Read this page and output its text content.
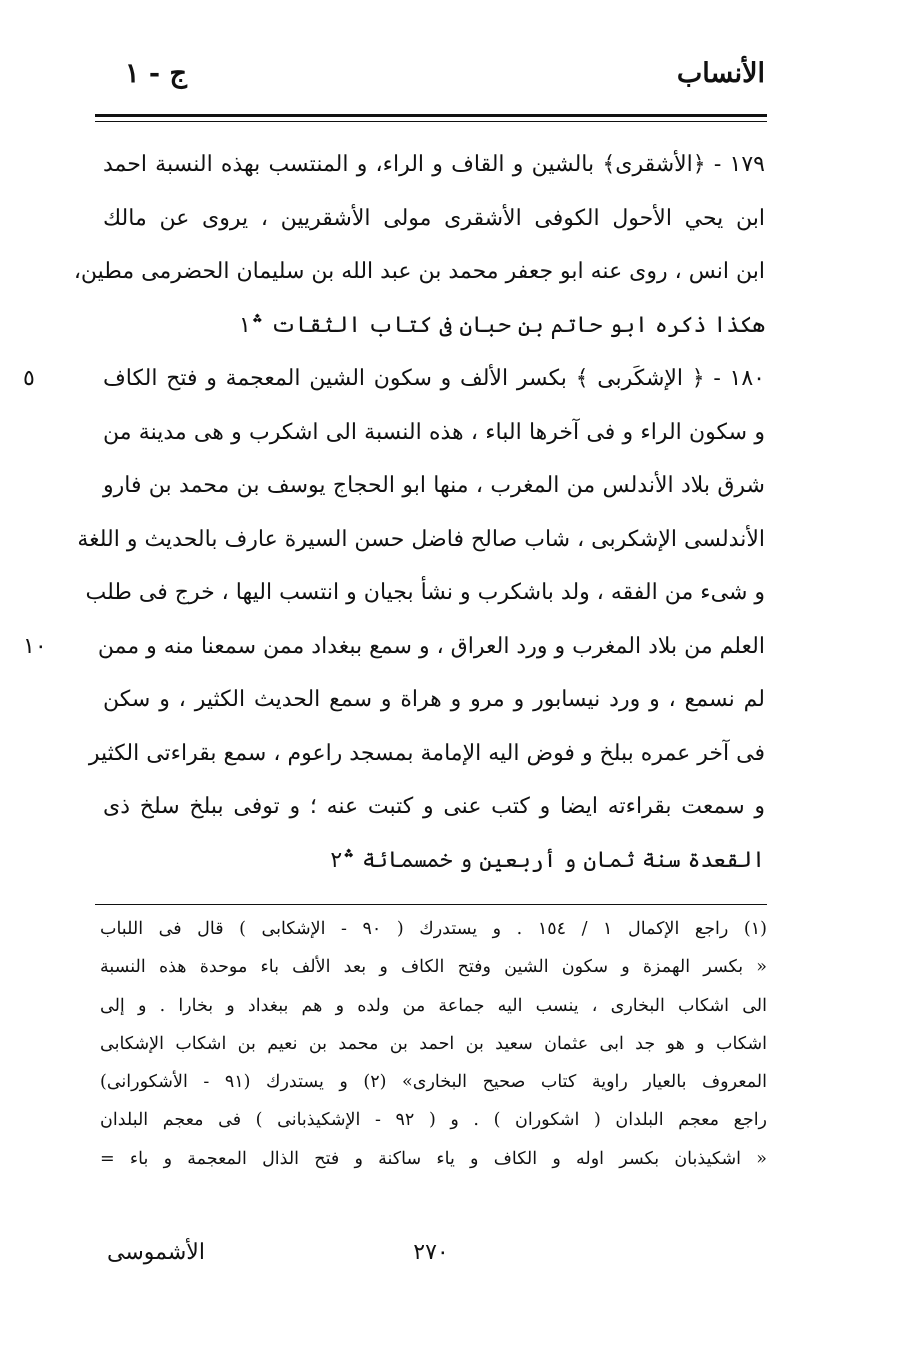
الأنساب
ج - ١
١٧٩ - ﴿الأشقرى﴾ بالشين و القاف و الراء، و المنتسب بهذه النسبة احمد
ابن يحي الأحول الكوفى الأشقرى مولى الأشقريين ، يروى عن مالك
ابن انس ، روى عنه ابو جعفر محمد بن عبد الله بن سليمان الحضرمى مطين،
هكذا ذكره ابو حاتم بن حبان فى كتاب الثقات ؞١
١٨٠ - ﴿ الإشكَربى ﴾ بكسر الألف و سكون الشين المعجمة و فتح الكاف
٥
و سكون الراء و فى آخرها الباء ، هذه النسبة الى اشكرب و هى مدينة من
شرق بلاد الأندلس من المغرب ، منها ابو الحجاج يوسف بن محمد بن فارو
الأندلسى الإشكربى ، شاب صالح فاضل حسن السيرة عارف بالحديث و اللغة
و شىء من الفقه ، ولد باشكرب و نشأ بجيان و انتسب اليها ، خرج فى طلب
العلم من بلاد المغرب و ورد العراق ، و سمع ببغداد ممن سمعنا منه و ممن
١٠
لم نسمع ، و ورد نيسابور و مرو و هراة و سمع الحديث الكثير ، و سكن
فى آخر عمره ببلخ و فوض اليه الإمامة بمسجد راعوم ، سمع بقراءتى الكثير
و سمعت بقراءته ايضا و كتب عنى و كتبت عنه ؛ و توفى ببلخ سلخ ذى
القعدة سنة ثمان و أربعين و خمسمائة ؞٢
(١) راجع الإكمال ١ / ١٥٤ . و يستدرك ( ٩٠ - الإشكابى ) قال فى اللباب
« بكسر الهمزة و سكون الشين وفتح الكاف و بعد الألف باء موحدة هذه النسبة
الى اشكاب البخارى ، ينسب اليه جماعة من ولده و هم ببغداد و بخارا . و إلى
اشكاب و هو جد ابى عثمان سعيد بن احمد بن محمد بن نعيم بن اشكاب الإشكابى
المعروف بالعيار راوية كتاب صحيح البخارى» (٢) و يستدرك (٩١ - الأشكورانى)
راجع معجم البلدان ( اشكوران ) . و ( ٩٢ - الإشكيذبانى ) فى معجم البلدان
« اشكيذبان بكسر اوله و الكاف و ياء ساكنة و فتح الذال المعجمة و باء =
٢٧٠
الأشموسى
